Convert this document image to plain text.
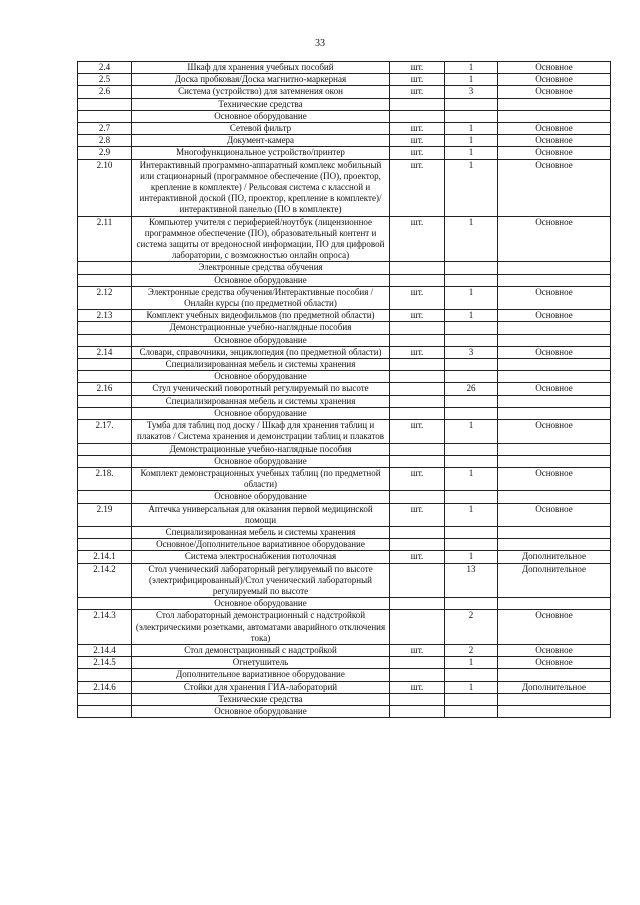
33
2.4	Шкаф для хранения учебных пособий	шт.	1	Основное
2.5	Доска пробковая/Доска магнитно-маркерная	шт.	1	Основное
2.6	Система (устройство) для затемнения окон	шт.	3	Основное
	Технические средства			
	Основное оборудование			
2.7	Сетевой фильтр	шт.	1	Основное
2.8	Документ-камера	шт.	1	Основное
2.9	Многофункциональное устройство/принтер	шт.	1	Основное
2.10	Интерактивный программно-аппаратный комплекс мобильный или стационарный (программное обеспечение (ПО), проектор, крепление в комплекте) / Рельсовая система с классной и интерактивной доской (ПО, проектор, крепление в комплекте)/ интерактивной панелью (ПО в комплекте)	шт.	1	Основное
2.11	Компьютер учителя с периферией/ноутбук (лицензионное программное обеспечение (ПО), образовательный контент и система защиты от вредоносной информации, ПО для цифровой лаборатории, с возможностью онлайн опроса)	шт.	1	Основное
	Электронные средства обучения			
	Основное оборудование			
2.12	Электронные средства обучения/Интерактивные пособия / Онлайн курсы (по предметной области)	шт.	1	Основное
2.13	Комплект учебных видеофильмов (по предметной области)	шт.	1	Основное
	Демонстрационные учебно-наглядные пособия			
	Основное оборудование			
2.14	Словари, справочники, энциклопедия (по предметной области)	шт.	3	Основное
	Специализированная мебель и системы хранения			
	Основное оборудование			
2.16	Стул ученический поворотный регулируемый по высоте		26	Основное
	Специализированная мебель и системы хранения			
	Основное оборудование			
2.17.	Тумба для таблиц под доску / Шкаф для хранения таблиц и плакатов / Система хранения и демонстрации таблиц и плакатов	шт.	1	Основное
	Демонстрационные учебно-наглядные пособия			
	Основное оборудование			
2.18.	Комплект демонстрационных учебных таблиц (по предметной области)	шт.	1	Основное
	Основное оборудование			
2.19	Аптечка универсальная для оказания первой медицинской помощи	шт.	1	Основное
	Специализированная мебель и системы хранения			
	Основное/Дополнительное вариативное оборудование			
2.14.1	Система электроснабжения потолочная	шт.	1	Дополнительное
2.14.2	Стол ученический лабораторный регулируемый по высоте (электрифицированный)/Стол ученический лабораторный регулируемый по высоте		13	Дополнительное
	Основное оборудование			
2.14.3	Стол лабораторный демонстрационный с надстройкой (электрическими розетками, автоматами аварийного отключения тока)		2	Основное
2.14.4	Стол демонстрационный с надстройкой	шт.	2	Основное
2.14.5	Огнетушитель		1	Основное
	Дополнительное вариативное оборудование			
2.14.6	Стойки для хранения ГИА-лабораторий	шт.	1	Дополнительное
	Технические средства			
	Основное оборудование			
